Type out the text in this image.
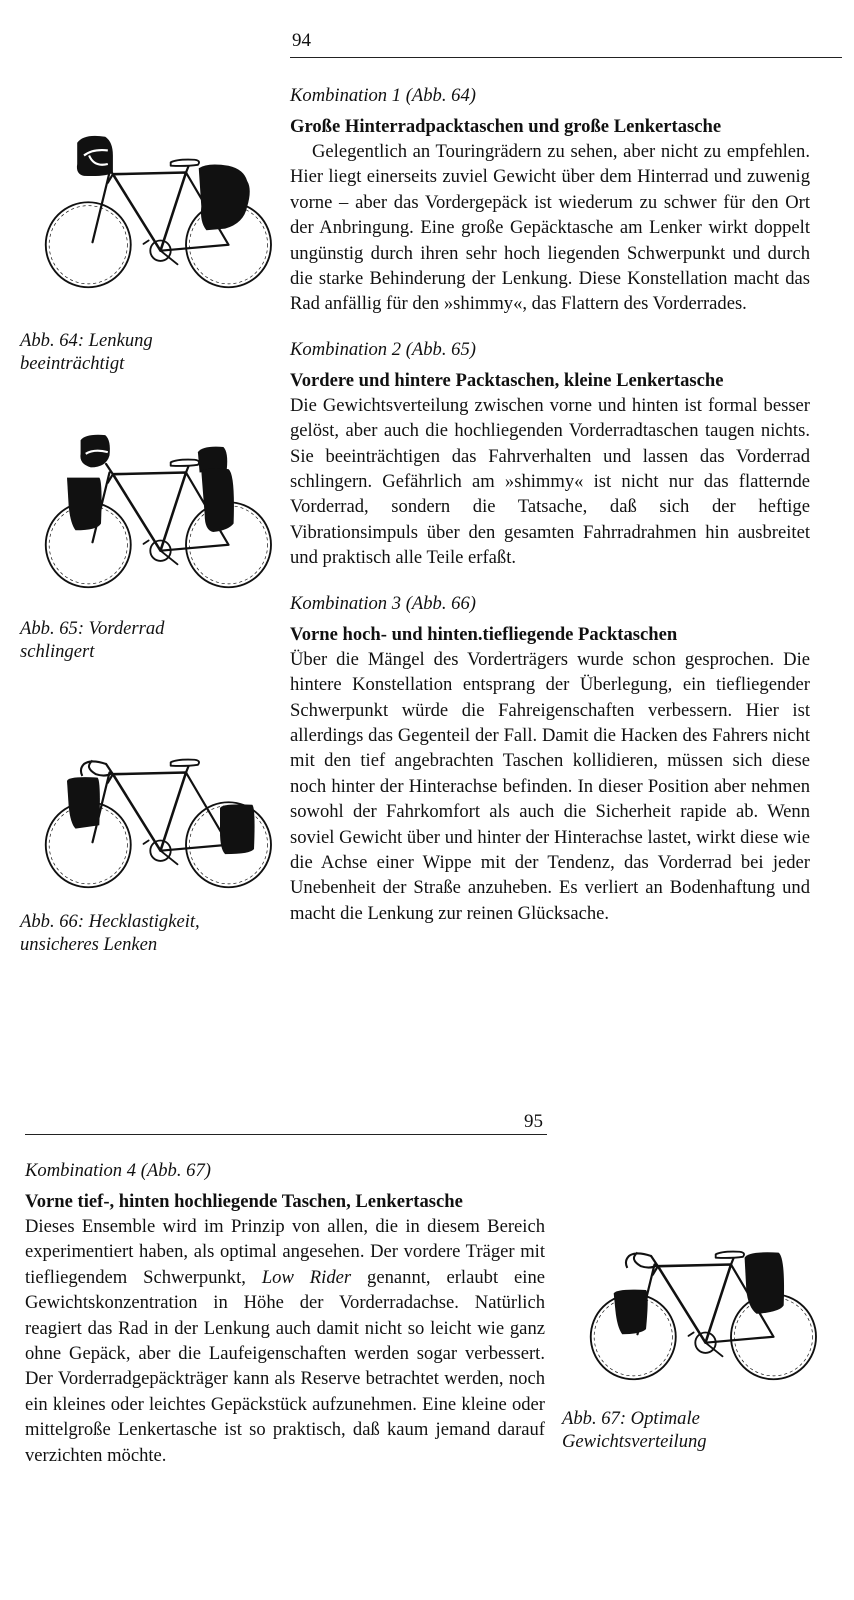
94
Abb. 64: Lenkung
beeinträchtigt
Abb. 65: Vorderrad
schlingert
Abb. 66: Hecklastigkeit,
unsicheres Lenken

Kombination 1 (Abb. 64)

Große Hinterradpacktaschen und große Lenkertasche

Gelegentlich an Touringrädern zu sehen, aber nicht zu empfehlen. Hier liegt einerseits zuviel Gewicht über dem Hinterrad und zuwenig vorne – aber das Vordergepäck ist wiederum zu schwer für den Ort der Anbringung. Eine große Gepäcktasche am Lenker wirkt doppelt ungünstig durch ihren sehr hoch liegenden Schwerpunkt und durch die starke Behinderung der Lenkung. Diese Konstellation macht das Rad anfällig für den »shimmy«, das Flattern des Vorderrades.

Kombination 2 (Abb. 65)

Vordere und hintere Packtaschen, kleine Lenkertasche

Die Gewichtsverteilung zwischen vorne und hinten ist formal besser gelöst, aber auch die hochliegenden Vorderradtaschen taugen nichts. Sie beeinträchtigen das Fahrverhalten und lassen das Vorderrad schlingern. Gefährlich am »shimmy« ist nicht nur das flatternde Vorderrad, sondern die Tatsache, daß sich der heftige Vibrationsimpuls über den gesamten Fahrradrahmen hin ausbreitet und praktisch alle Teile erfaßt.

Kombination 3 (Abb. 66)

Vorne hoch- und hinten.tiefliegende Packtaschen

Über die Mängel des Vorderträgers wurde schon gesprochen. Die hintere Konstellation entsprang der Überlegung, ein tiefliegender Schwerpunkt würde die Fahreigenschaften verbessern. Hier ist allerdings das Gegenteil der Fall. Damit die Hacken des Fahrers nicht mit den tief angebrachten Taschen kollidieren, müssen sich diese noch hinter der Hinterachse befinden. In dieser Position aber nehmen sowohl der Fahrkomfort als auch die Sicherheit rapide ab. Wenn soviel Gewicht über und hinter der Hinterachse lastet, wirkt diese wie die Achse einer Wippe mit der Tendenz, das Vorderrad bei jeder Unebenheit der Straße anzuheben. Es verliert an Bodenhaftung und macht die Lenkung zur reinen Glücksache.

95

Kombination 4 (Abb. 67)

Vorne tief-, hinten hochliegende Taschen, Lenkertasche

Dieses Ensemble wird im Prinzip von allen, die in diesem Bereich experimentiert haben, als optimal angesehen. Der vordere Träger mit tiefliegendem Schwerpunkt, Low Rider genannt, erlaubt eine Gewichtskonzentration in Höhe der Vorderradachse. Natürlich reagiert das Rad in der Lenkung auch damit nicht so leicht wie ganz ohne Gepäck, aber die Laufeigenschaften werden sogar verbessert. Der Vorderradgepäckträger kann als Reserve betrachtet werden, noch ein kleines oder leichtes Gepäckstück aufzunehmen. Eine kleine oder mittelgroße Lenkertasche ist so praktisch, daß kaum jemand darauf verzichten möchte.

Abb. 67: Optimale
Gewichtsverteilung
